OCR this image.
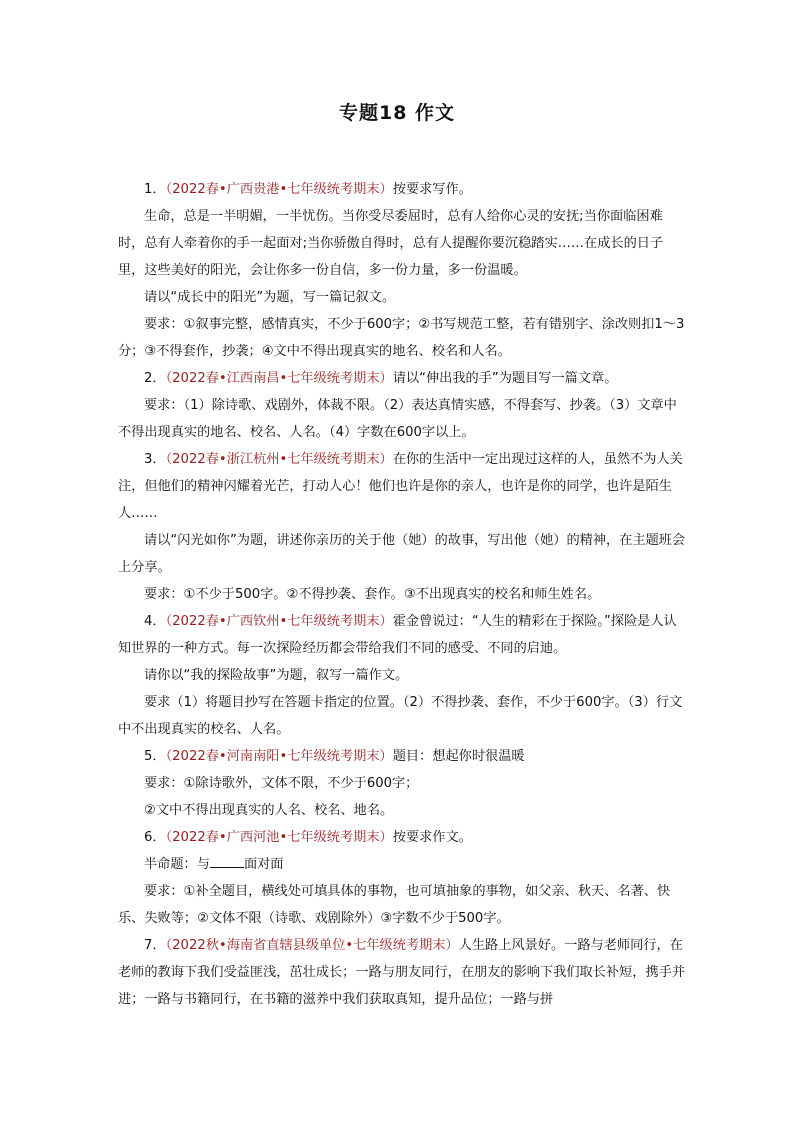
专题18 作文

1．（2022春•广西贵港•七年级统考期末）按要求写作。

生命，总是一半明媚，一半忧伤。当你受尽委屈时，总有人给你心灵的安抚;当你面临困难时，总有人牵着你的手一起面对;当你骄傲自得时，总有人提醒你要沉稳踏实……在成长的日子里，这些美好的阳光，会让你多一份自信，多一份力量，多一份温暖。

请以“成长中的阳光”为题，写一篇记叙文。

要求：①叙事完整，感情真实，不少于600字；②书写规范工整，若有错别字、涂改则扣1～3分；③不得套作，抄袭；④文中不得出现真实的地名、校名和人名。

2．（2022春•江西南昌•七年级统考期末）请以“伸出我的手”为题目写一篇文章。

要求：（1）除诗歌、戏剧外，体裁不限。（2）表达真情实感，不得套写、抄袭。（3）文章中不得出现真实的地名、校名、人名。（4）字数在600字以上。

3．（2022春•浙江杭州•七年级统考期末）在你的生活中一定出现过这样的人，虽然不为人关注，但他们的精神闪耀着光芒，打动人心！他们也许是你的亲人，也许是你的同学，也许是陌生人……

请以“闪光如你”为题，讲述你亲历的关于他（她）的故事，写出他（她）的精神，在主题班会上分享。

要求：①不少于500字。②不得抄袭、套作。③不出现真实的校名和师生姓名。

4．（2022春•广西钦州•七年级统考期末）霍金曾说过：“人生的精彩在于探险。”探险是人认知世界的一种方式。每一次探险经历都会带给我们不同的感受、不同的启迪。

请你以“我的探险故事”为题，叙写一篇作文。

要求（1）将题目抄写在答题卡指定的位置。（2）不得抄袭、套作，不少于600字。（3）行文中不出现真实的校名、人名。

5．（2022春•河南南阳•七年级统考期末）题目：想起你时很温暖

要求：①除诗歌外，文体不限，不少于600字；

②文中不得出现真实的人名、校名、地名。

6．（2022春•广西河池•七年级统考期末）按要求作文。

半命题：与	面对面

要求：①补全题目，横线处可填具体的事物，也可填抽象的事物，如父亲、秋天、名著、快乐、失败等；②文体不限（诗歌、戏剧除外）③字数不少于500字。

7．（2022秋•海南省直辖县级单位•七年级统考期末）人生路上风景好。一路与老师同行，在老师的教诲下我们受益匪浅，茁壮成长；一路与朋友同行，在朋友的影响下我们取长补短，携手并进；一路与书籍同行，在书籍的滋养中我们获取真知，提升品位；一路与拼
